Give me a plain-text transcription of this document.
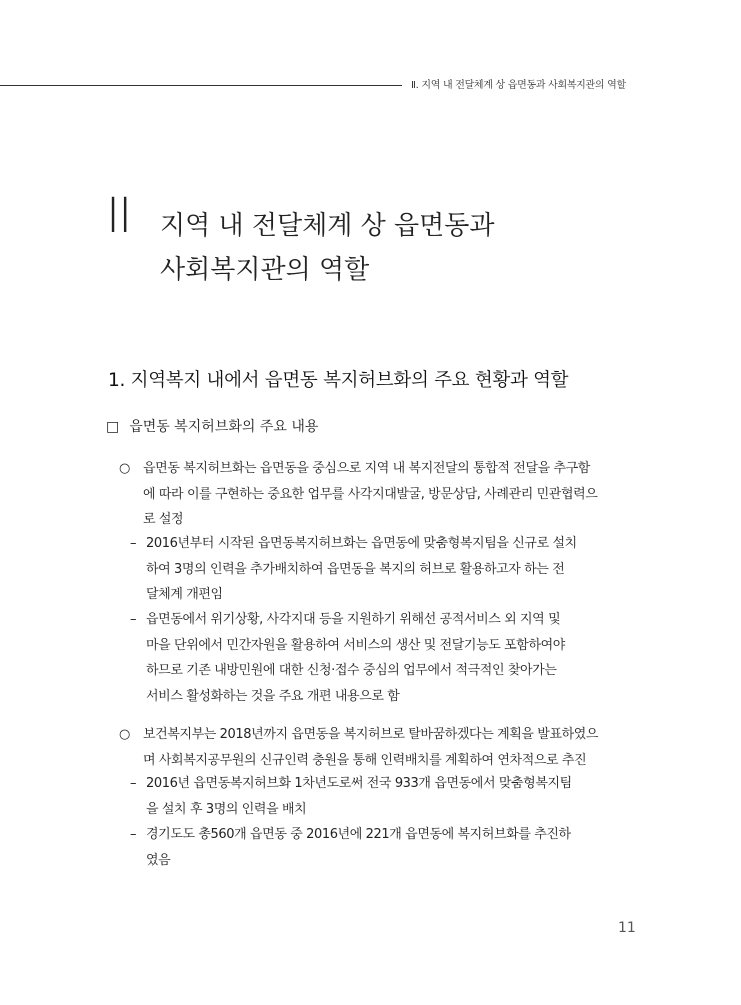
Ⅱ. 지역 내 전달체계 상 읍면동과 사회복지관의 역할
II 지역 내 전달체계 상 읍면동과
사회복지관의 역할
1. 지역복지 내에서 읍면동 복지허브화의 주요 현황과 역할
□ 읍면동 복지허브화의 주요 내용
○ 읍면동 복지허브화는 읍면동을 중심으로 지역 내 복지전달의 통합적 전달을 추구함
에 따라 이를 구현하는 중요한 업무를 사각지대발굴, 방문상담, 사례관리 민관협력으
로 설정
– 2016년부터 시작된 읍면동복지허브화는 읍면동에 맞춤형복지팀을 신규로 설치
하여 3명의 인력을 추가배치하여 읍면동을 복지의 허브로 활용하고자 하는 전
달체계 개편임
– 읍면동에서 위기상황, 사각지대 등을 지원하기 위해선 공적서비스 외 지역 및
마을 단위에서 민간자원을 활용하여 서비스의 생산 및 전달기능도 포함하여야
하므로 기존 내방민원에 대한 신청·접수 중심의 업무에서 적극적인 찾아가는
서비스 활성화하는 것을 주요 개편 내용으로 함
○ 보건복지부는 2018년까지 읍면동을 복지허브로 탈바꿈하겠다는 계획을 발표하였으
며 사회복지공무원의 신규인력 충원을 통해 인력배치를 계획하여 연차적으로 추진
– 2016년 읍면동복지허브화 1차년도로써 전국 933개 읍면동에서 맞춤형복지팀
을 설치 후 3명의 인력을 배치
– 경기도도 총560개 읍면동 중 2016년에 221개 읍면동에 복지허브화를 추진하
였음
11
